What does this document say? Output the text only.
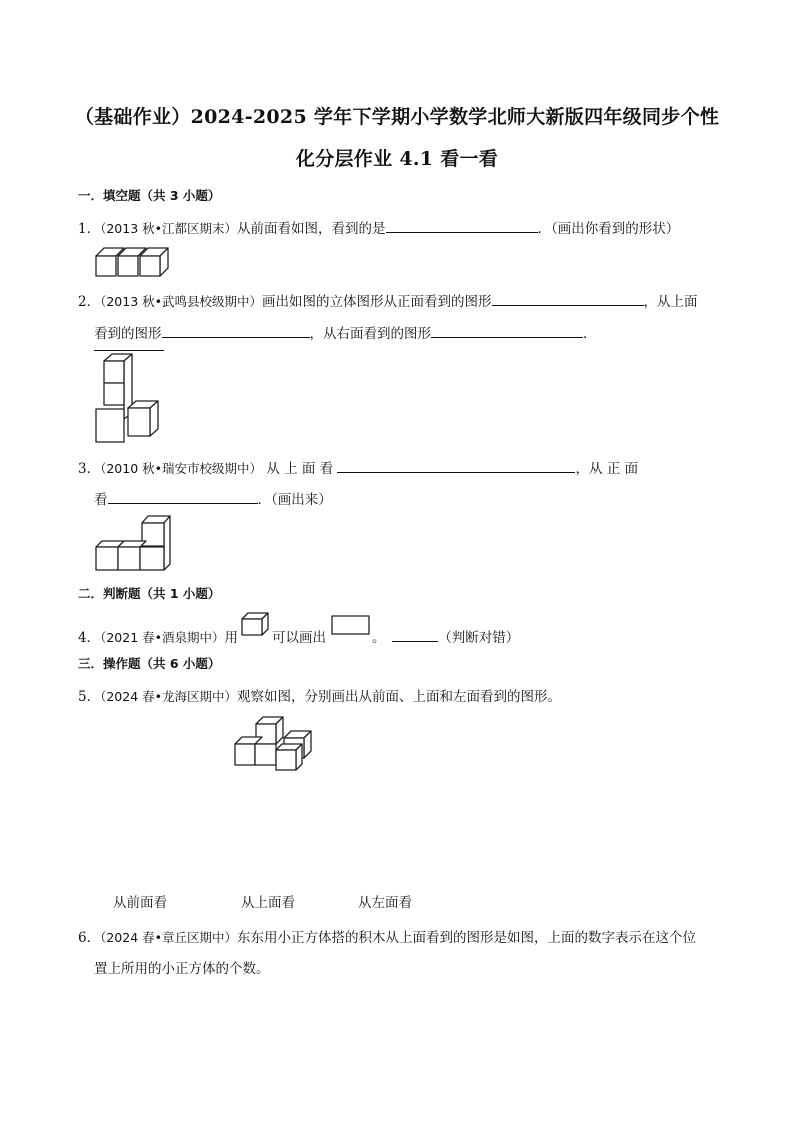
（基础作业）2024-2025 学年下学期小学数学北师大新版四年级同步个性
化分层作业 4.1 看一看
一．填空题（共 3 小题）
1．（2013 秋•江都区期末）从前面看如图，看到的是	．（画出你看到的形状）
2．（2013 秋•武鸣县校级期中）画出如图的立体图形从正面看到的图形	，从上面
看到的图形	，从右面看到的图形	．
3．（2010 秋•瑞安市校级期中） 从 上 面 看	，从 正 面
看	．（画出来）
二．判断题（共 1 小题）
4．（2021 春•酒泉期中）用	可以画出	。　	（判断对错）
三．操作题（共 6 小题）
5．（2024 春•龙海区期中）观察如图，分别画出从前面、上面和左面看到的图形。
从前面看	从上面看	从左面看
6．（2024 春•章丘区期中）东东用小正方体搭的积木从上面看到的图形是如图，上面的数字表示在这个位
置上所用的小正方体的个数。
